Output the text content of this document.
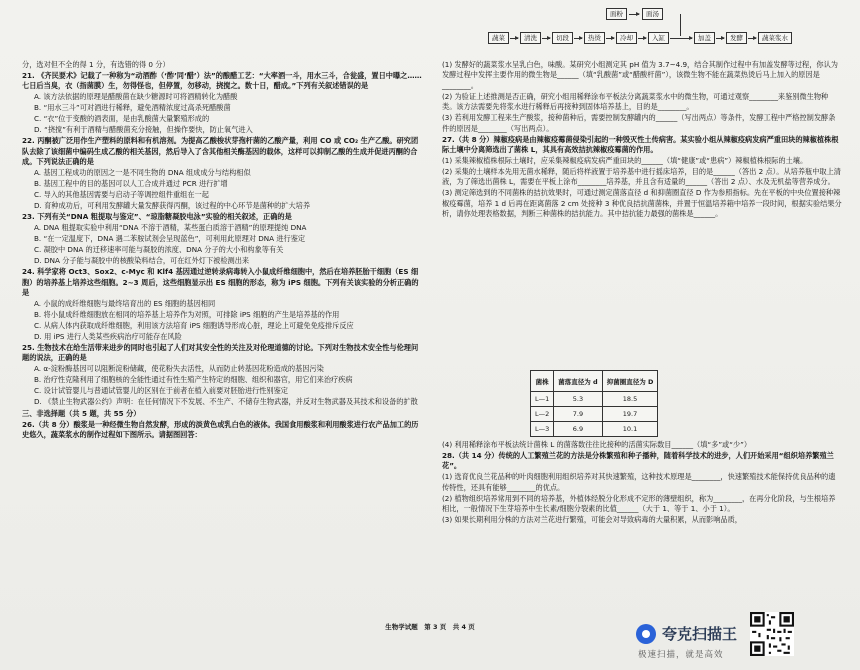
分，选对但不全的得 1 分，有选错的得 0 分）

21. 《齐民要术》记载了一种称为“动酒酢（‘酢’同‘醋’）法”的酿醋工艺：“大率酒一斗，用水三斗，合瓮盛，置日中曝之……七日后当臭，衣（指菌膜）生，勿得怪也，但停置，勿移动，挠搅之。数十日，醋成。”下列有关叙述错误的是

A. 该方法依据的原理是醋酸菌在缺少糖源时可将酒精转化为醋酸

B. “用水三斗”可对酒进行稀释，避免酒精浓度过高杀死醋酸菌

C. “衣”位于变酸的酒表面，是由乳酸菌大量繁殖形成的

D. “挠搅”有利于酒精与醋酸菌充分接触，但操作要快，防止氧气进入

22. 丙酮被广泛用作生产塑料的原料和有机溶剂。为提高乙酸梭状芽孢杆菌的乙酸产量，利用 CO 或 CO₂ 生产乙酸。研究团队去除了该细菌中编码生成乙酸的相关基因，然后导入了含其他相关酶基因的载体，这样可以抑制乙酸的生成并促进丙酮的合成。下列说法正确的是

A. 基因工程成功的原因之一是不同生物的 DNA 组成成分与结构相似

B. 基因工程中的目的基因可以人工合成并通过 PCR 进行扩增

C. 导入的其他基因需要与启动子等调控组件重组在一起

D. 育种成功后，可利用发酵罐大量发酵获得丙酮，该过程的中心环节是菌种的扩大培养

23. 下列有关“DNA 粗提取与鉴定”、“琼脂糖凝胶电泳”实验的相关叙述，正确的是

A. DNA 粗提取实验中利用“DNA 不溶于酒精，某些蛋白质溶于酒精”的原理提纯 DNA

B. “在一定温度下，DNA 遇二苯胺试剂会呈现蓝色”，可利用此原理对 DNA 进行鉴定

C. 凝胶中 DNA 的迁移速率可能与凝胶的浓度、DNA 分子的大小和构象等有关

D. DNA 分子能与凝胶中的核酸染料结合，可在红外灯下被检测出来

24. 科学家将 Oct3、Sox2、c-Myc 和 Klf4 基因通过逆转录病毒转入小鼠成纤维细胞中，然后在培养胚胎干细胞（ES 细胞）的培养基上培养这些细胞。2~3 周后，这些细胞显示出 ES 细胞的形态，称为 iPS 细胞。下列有关该实验的分析正确的是

A. 小鼠的成纤维细胞与最终培育出的 ES 细胞的基因相同

B. 将小鼠成纤维细胞放在相同的培养基上培养作为对照，可排除 iPS 细胞的产生是培养基的作用

C. 从病人体内获取成纤维细胞，利用该方法培育 iPS 细胞诱导形成心脏，理论上可避免免疫排斥反应

D. 用 iPS 进行人类某些疾病治疗可能存在风险

25. 生物技术在给生活带来进步的同时也引起了人们对其安全性的关注及对伦理道德的讨论。下列对生物技术安全性与伦理问题的说法，正确的是

A. α-淀粉酶基因可以阻断淀粉储藏，使花粉失去活性，从而防止转基因花粉造成的基因污染

B. 治疗性克隆利用了细胞核的全能性通过有性生殖产生特定的细胞、组织和器官，用它们来治疗疾病

C. 设计试管婴儿与普通试管婴儿的区别在于前者在植入前要对胚胎进行性别鉴定

D. 《禁止生物武器公约》声明：在任何情况下不发展、不生产、不储存生物武器，并反对生物武器及其技术和设备的扩散

三、非选择题（共 5 题，共 55 分）

26.（共 8 分）酸浆是一种经微生物自然发酵，形成的淡黄色或乳白色的液体。我国食用酸浆和利用酸浆进行农产品加工的历史悠久，蔬菜浆水的制作过程如下图所示。请据图回答：

面粉	面汤
蔬菜	清洗	切段	热烫	冷却	入缸	加盖	发酵	蔬菜浆水

(1) 发酵好的蔬菜浆水呈乳白色，味酸。某研究小组测定其 pH 值为 3.7~4.9，结合其制作过程中有加盖发酵等过程，你认为发酵过程中发挥主要作用的微生物是______（填“乳酸菌”或“醋酸杆菌”），该微生物不能在蔬菜热烫后马上加入的原因是________。

(2) 为验证上述推测是否正确，研究小组用稀释涂布平板法分离蔬菜浆水中的微生物，可通过观察________来鉴别微生物种类。该方法需要先将浆水进行稀释后再接种到固体培养基上，目的是________。

(3) 若利用发酵工程来生产酸浆，接种菌种后，需要控制发酵罐内的______（写出两点）等条件，发酵工程中严格控制发酵条件的原因是________（写出两点）。

27.（共 8 分）辣椒疫病是由辣椒疫霉菌侵染引起的一种毁灭性土传病害。某实验小组从辣椒疫病发病严重田块的辣椒植株根际土壤中分离筛选出了菌株 L，其具有高效拮抗辣椒疫霉菌的作用。

(1) 采集辣椒植株根际土壤时，应采集辣椒疫病发病严重田块的______（填“健康”或“患病”）辣椒植株根际的土壤。

(2) 采集的土壤样本先用无菌水稀释，随后将样液置于培养基中进行摇床培养，目的是______（答出 2 点）。从培养瓶中取上清液，为了筛选出菌株 L，需要在平板上涂布________培养基，并且含有适量的______（答出 2 点）、水及无机盐等营养成分。

(3) 测定筛选到的不同菌株的拮抗效果时，可通过测定菌落直径 d 和抑菌圈直径 D 作为参照指标。先在平板的中央位置接种辣椒疫霉菌，培养 1 d 后再在距离菌落 2 cm 处接种 3 种优良拮抗菌菌株，并置于恒温培养箱中培养一段时间，根据实验结果分析，请你处理表格数据，判断三种菌株的拮抗能力。其中拮抗能力最强的菌株是______。

菌株	菌落直径为 d	抑菌圈直径为 D
L—1	5.3	18.5
L—2	7.9	19.7
L—3	6.9	10.1

(4) 利用稀释涂布平板法统计菌株 L 的菌落数往往比接种的活菌实际数目______（填“多”或“少”）

28.（共 14 分）传统的人工繁殖兰花的方法是分株繁殖和种子播种，随着科学技术的进步，人们开始采用“组织培养繁殖兰花”。

(1) 选育优良兰花品种的叶肉细胞利用组织培养对其快速繁殖，这种技术原理是________，快速繁殖技术能保持优良品种的遗传特性，还具有能够________的优点。

(2) 植物组织培养常用到不同的培养基，外植体经脱分化形成不定形的薄壁组织，称为________，在再分化阶段，与生根培养相比，一般情况下生芽培养中生长素/细胞分裂素的比值______（大于 1、等于 1、小于 1）。

(3) 如果长期利用分株的方法对兰花进行繁殖，可能会对导致病毒的大量积累，从而影响品质，

生物学试题　第 3 页　共 4 页	夸克扫描王
极速扫描，就是高效
